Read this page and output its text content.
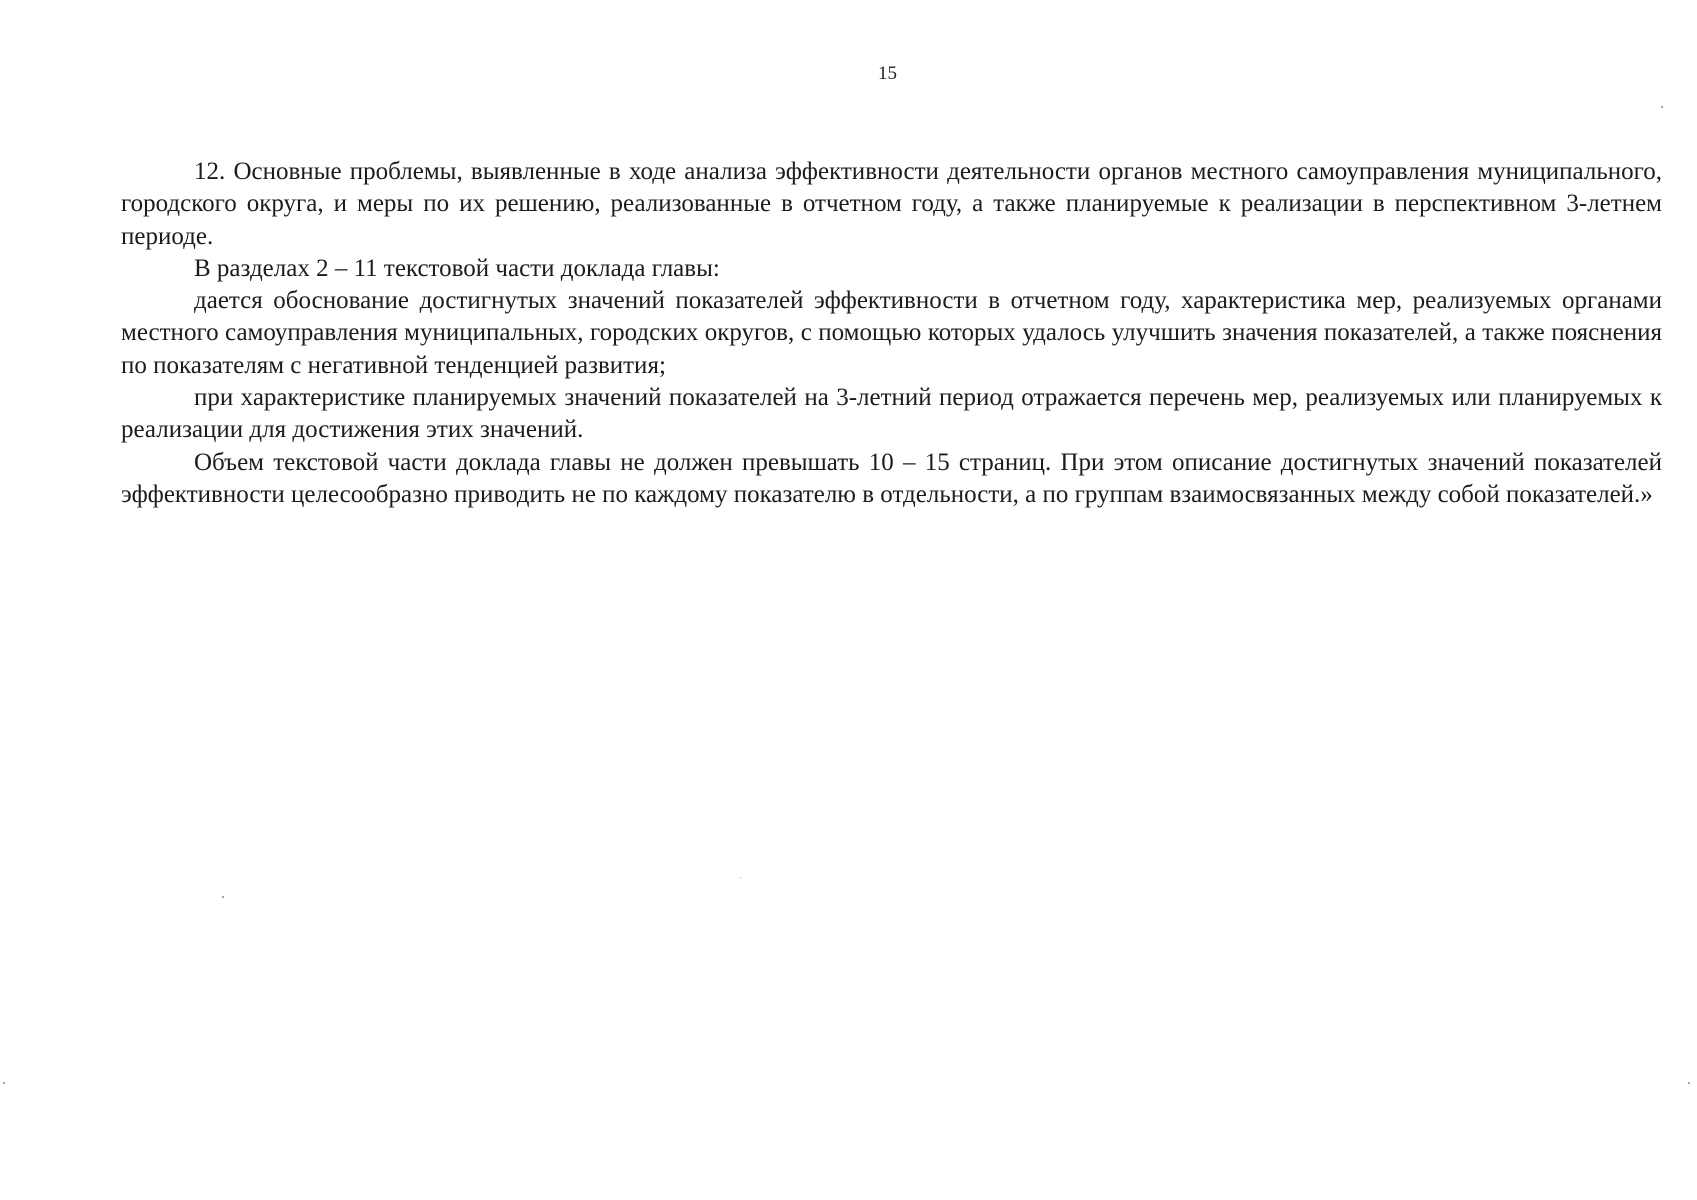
15

12. Основные проблемы, выявленные в ходе анализа эффективности деятельности органов местного самоуправления муниципального, городского округа, и меры по их решению, реализованные в отчетном году, а также планируемые к реализации в перспективном 3-летнем периоде.

В разделах 2 – 11 текстовой части доклада главы:

дается обоснование достигнутых значений показателей эффективности в отчетном году, характеристика мер, реализуемых органами местного самоуправления муниципальных, городских округов, с помощью которых удалось улучшить значения показателей, а также пояснения по показателям с негативной тенденцией развития;

при характеристике планируемых значений показателей на 3-летний период отражается перечень мер, реализуемых или планируемых к реализации для достижения этих значений.

Объем текстовой части доклада главы не должен превышать 10 – 15 страниц. При этом описание достигнутых значений показателей эффективности целесообразно приводить не по каждому показателю в отдельности, а по группам взаимосвязанных между собой показателей.»
